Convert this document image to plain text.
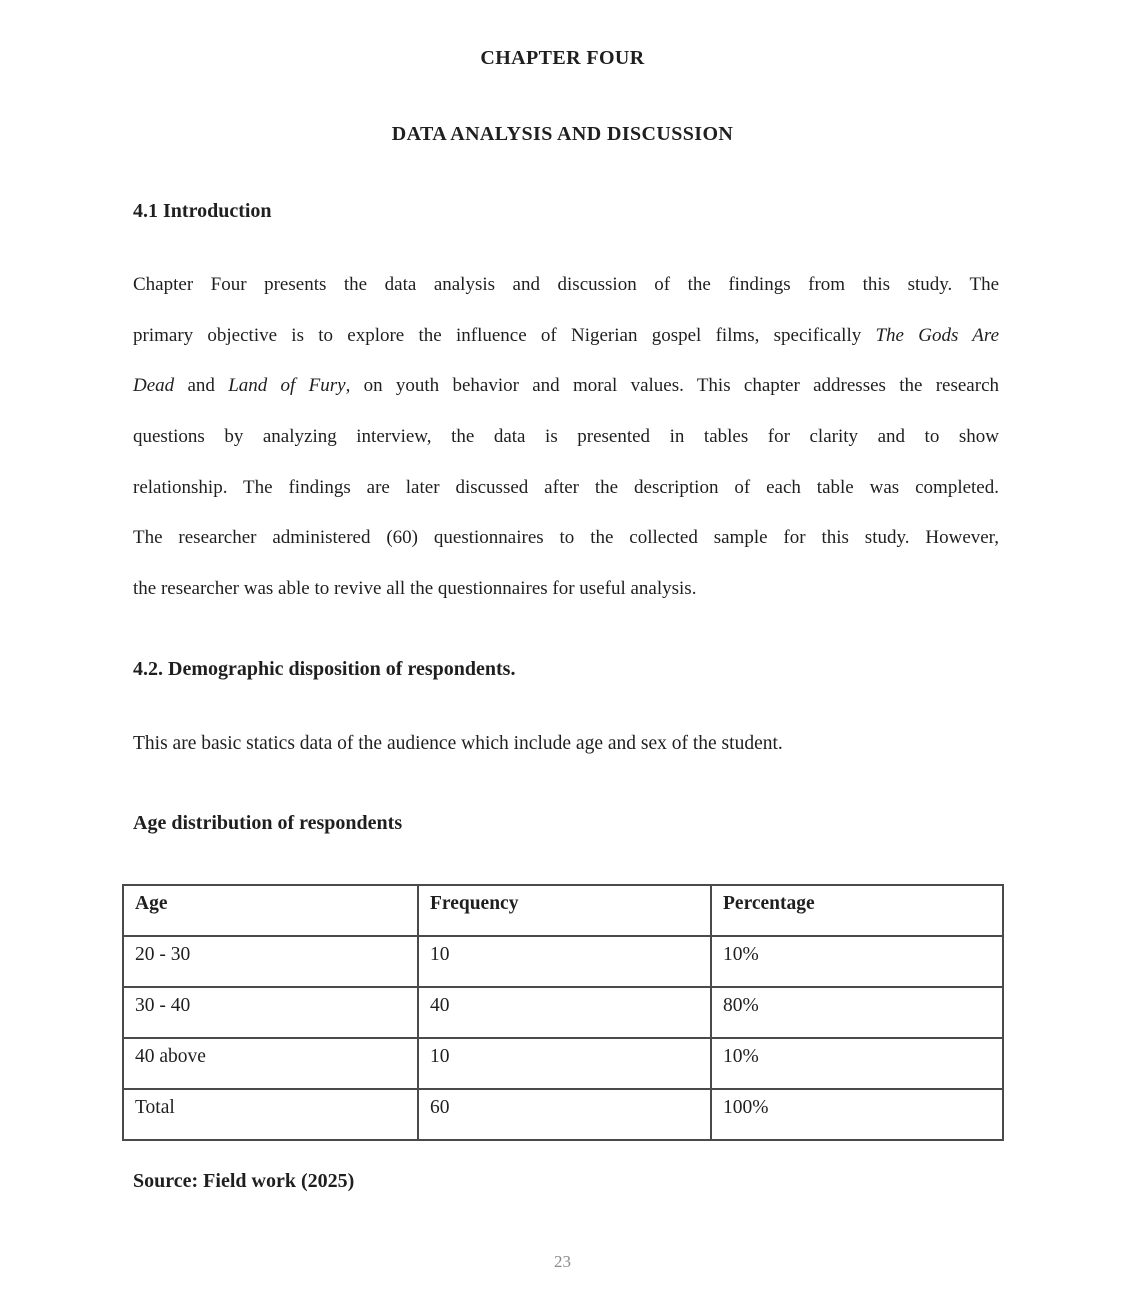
CHAPTER FOUR
DATA ANALYSIS AND DISCUSSION
4.1 Introduction
Chapter Four presents the data analysis and discussion of the findings from this study. The
primary objective is to explore the influence of Nigerian gospel films, specifically The Gods Are
Dead and Land of Fury, on youth behavior and moral values. This chapter addresses the research
questions by analyzing interview, the data is presented in tables for clarity and to show
relationship. The findings are later discussed after the description of each table was completed.
The researcher administered (60) questionnaires to the collected sample for this study. However,
the researcher was able to revive all the questionnaires for useful analysis.
4.2. Demographic disposition of respondents.
This are basic statics data of the audience which include age and sex of the student.
Age distribution of respondents
Age	Frequency	Percentage
20 - 30	10	10%
30 - 40	40	80%
40 above	10	10%
Total	60	100%
Source: Field work (2025)
23
